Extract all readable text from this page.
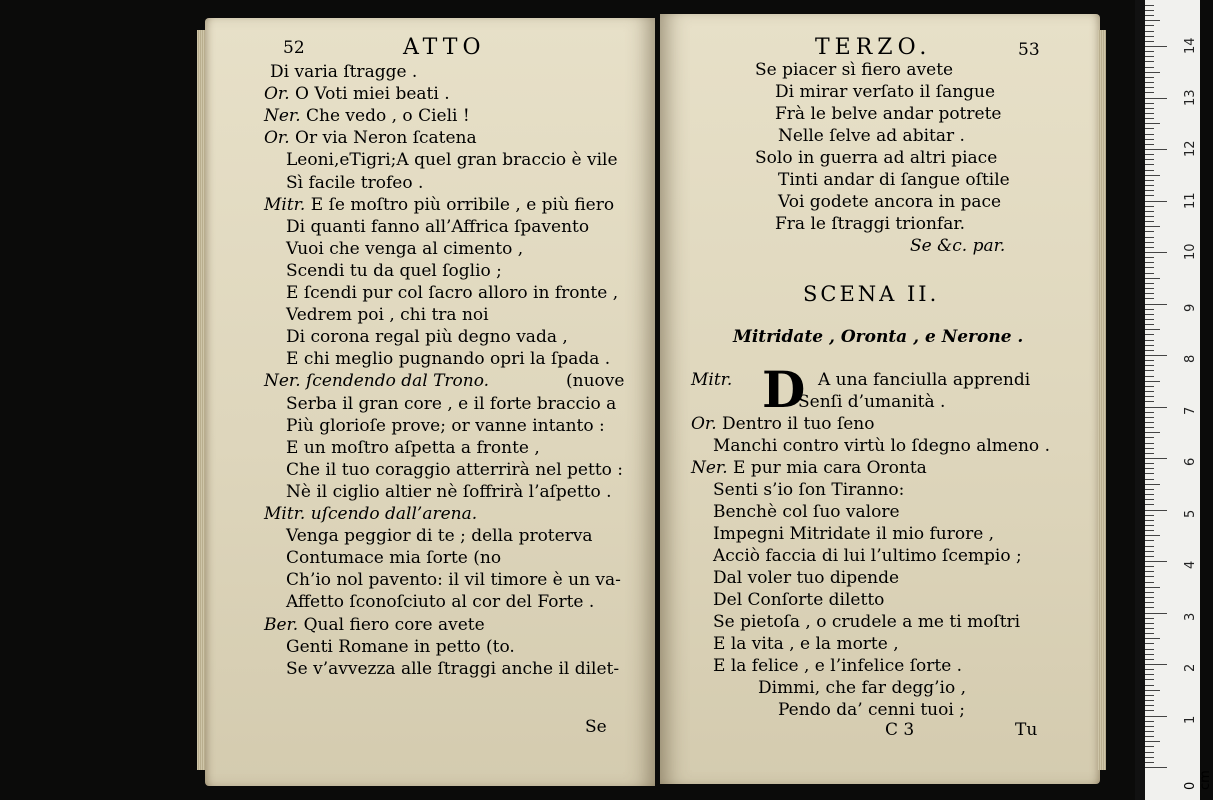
52	ATTO
Di varia ſtragge .
Or. O Voti miei beati .
Ner. Che vedo , o Cieli !
Or. Or via Neron ſcatena
Leoni,eTigri;A quel gran braccio è vile
Sì facile trofeo .
Mitr. E ſe moſtro più orribile , e più fiero
Di quanti fanno all’Affrica ſpavento
Vuoi che venga al cimento ,
Scendi tu da quel ſoglio ;
E ſcendi pur col ſacro alloro in fronte ,
Vedrem poi , chi tra noi
Di corona regal più degno vada ,
E chi meglio pugnando opri la ſpada .
Ner. ſcendendo dal Trono.	(nuove
Serba il gran core , e il forte braccio a
Più glorioſe prove; or vanne intanto :
E un moſtro aſpetta a fronte ,
Che il tuo coraggio atterrirà nel petto :
Nè il ciglio altier nè ſoffrirà l’aſpetto .
Mitr. uſcendo dall’arena.
Venga peggior di te ; della proterva
Contumace mia ſorte (no
Ch’io nol pavento: il vil timore è un va-
Affetto ſconoſciuto al cor del Forte .
Ber. Qual fiero core avete
Genti Romane in petto (to.
Se v’avvezza alle ſtraggi anche il dilet-
Se
TERZO.	53
Se piacer sì fiero avete
Di mirar verſato il ſangue
Frà le belve andar potrete
Nelle ſelve ad abitar .
Solo in guerra ad altri piace
Tinti andar di ſangue oſtile
Voi godete ancora in pace
Fra le ſtraggi trionfar.
Se &c. par.
SCENA II.
Mitridate , Oronta , e Nerone .
D
Mitr.	A una fanciulla apprendi
Senſi d’umanità .
Or. Dentro il tuo ſeno
Manchi contro virtù lo ſdegno almeno .
Ner. E pur mia cara Oronta
Senti s’io ſon Tiranno:
Benchè col ſuo valore
Impegni Mitridate il mio furore ,
Acciò faccia di lui l’ultimo ſcempio ;
Dal voler tuo dipende
Del Conſorte diletto
Se pietoſa , o crudele a me ti moſtri
E la vita , e la morte ,
E la felice , e l’infelice ſorte .
Dimmi, che far degg’io ,
Pendo da’ cenni tuoi ;
C 3	Tu
0 cm
1
2
3
4
5
6
7
8
9
10
11
12
13
14
